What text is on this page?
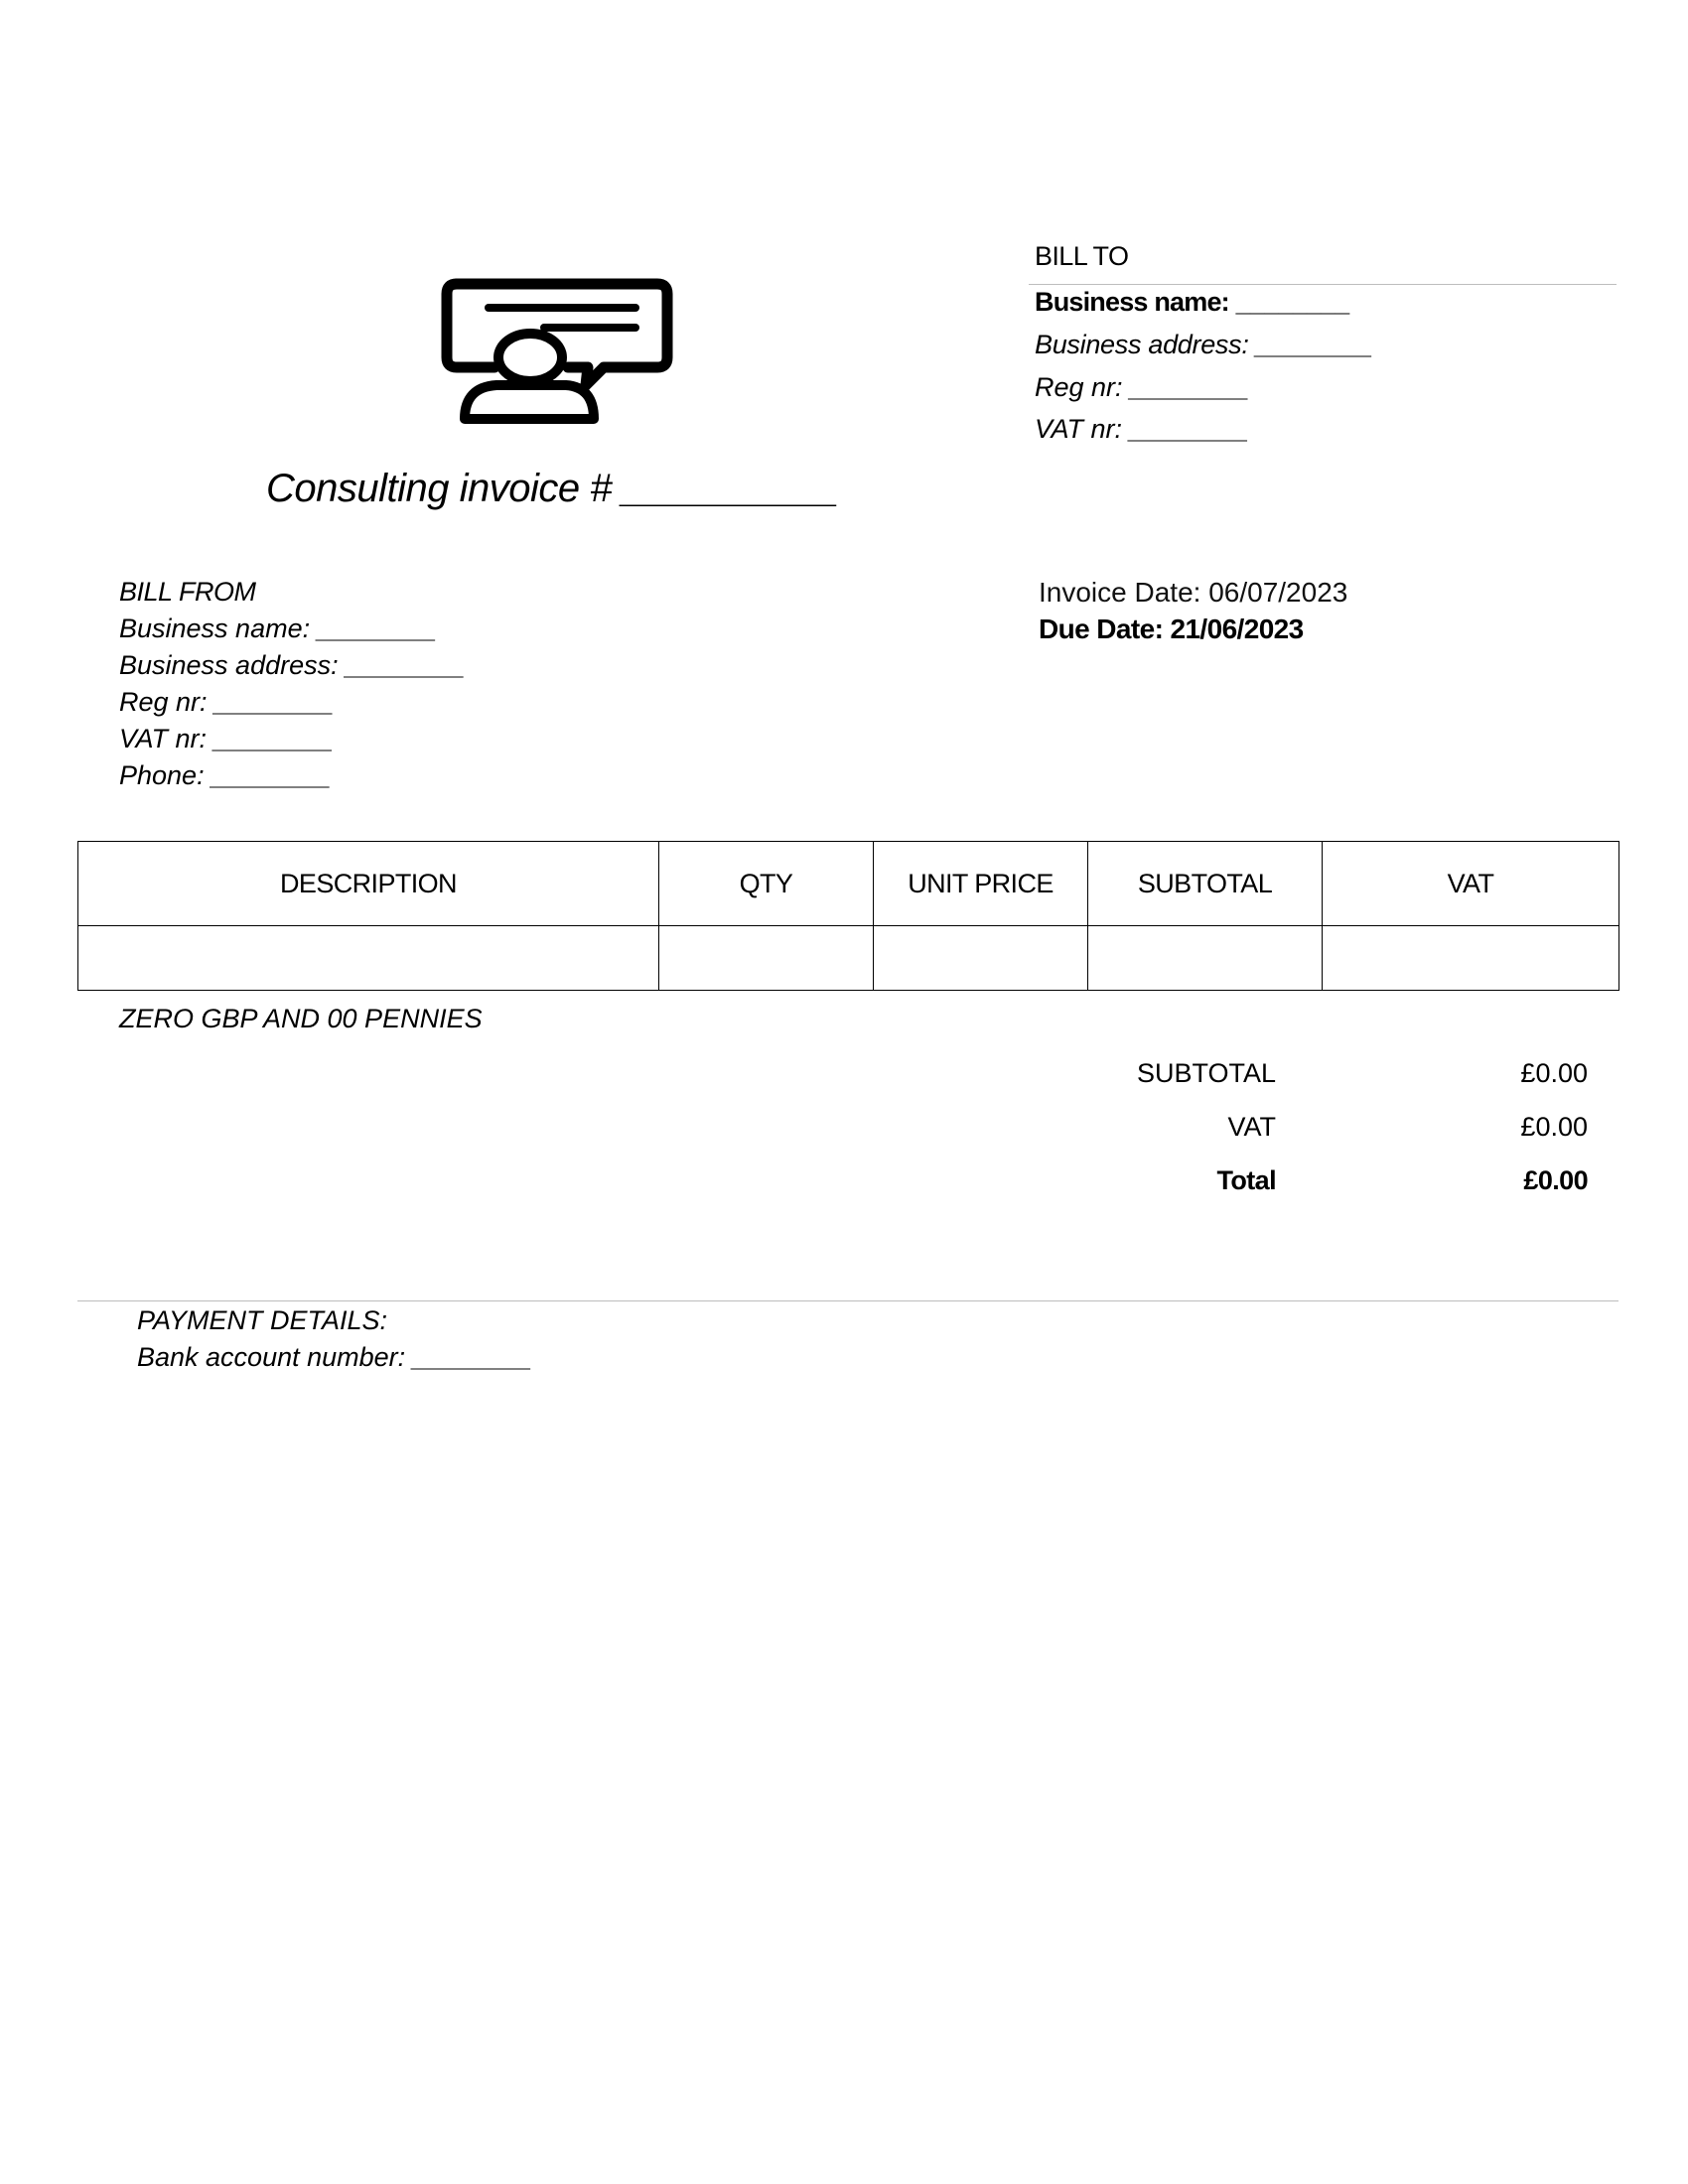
Consulting invoice # __________
BILL TO
Business name: ________
Business address: ________
Reg nr: ________
VAT nr: ________
BILL FROM
Business name: ________
Business address: ________
Reg nr: ________
VAT nr: ________
Phone: ________
Invoice Date: 06/07/2023
Due Date: 21/06/2023
DESCRIPTION	QTY	UNIT PRICE	SUBTOTAL	VAT

ZERO GBP AND 00 PENNIES
SUBTOTAL	£0.00
VAT	£0.00
Total	£0.00
PAYMENT DETAILS:
Bank account number: ________
